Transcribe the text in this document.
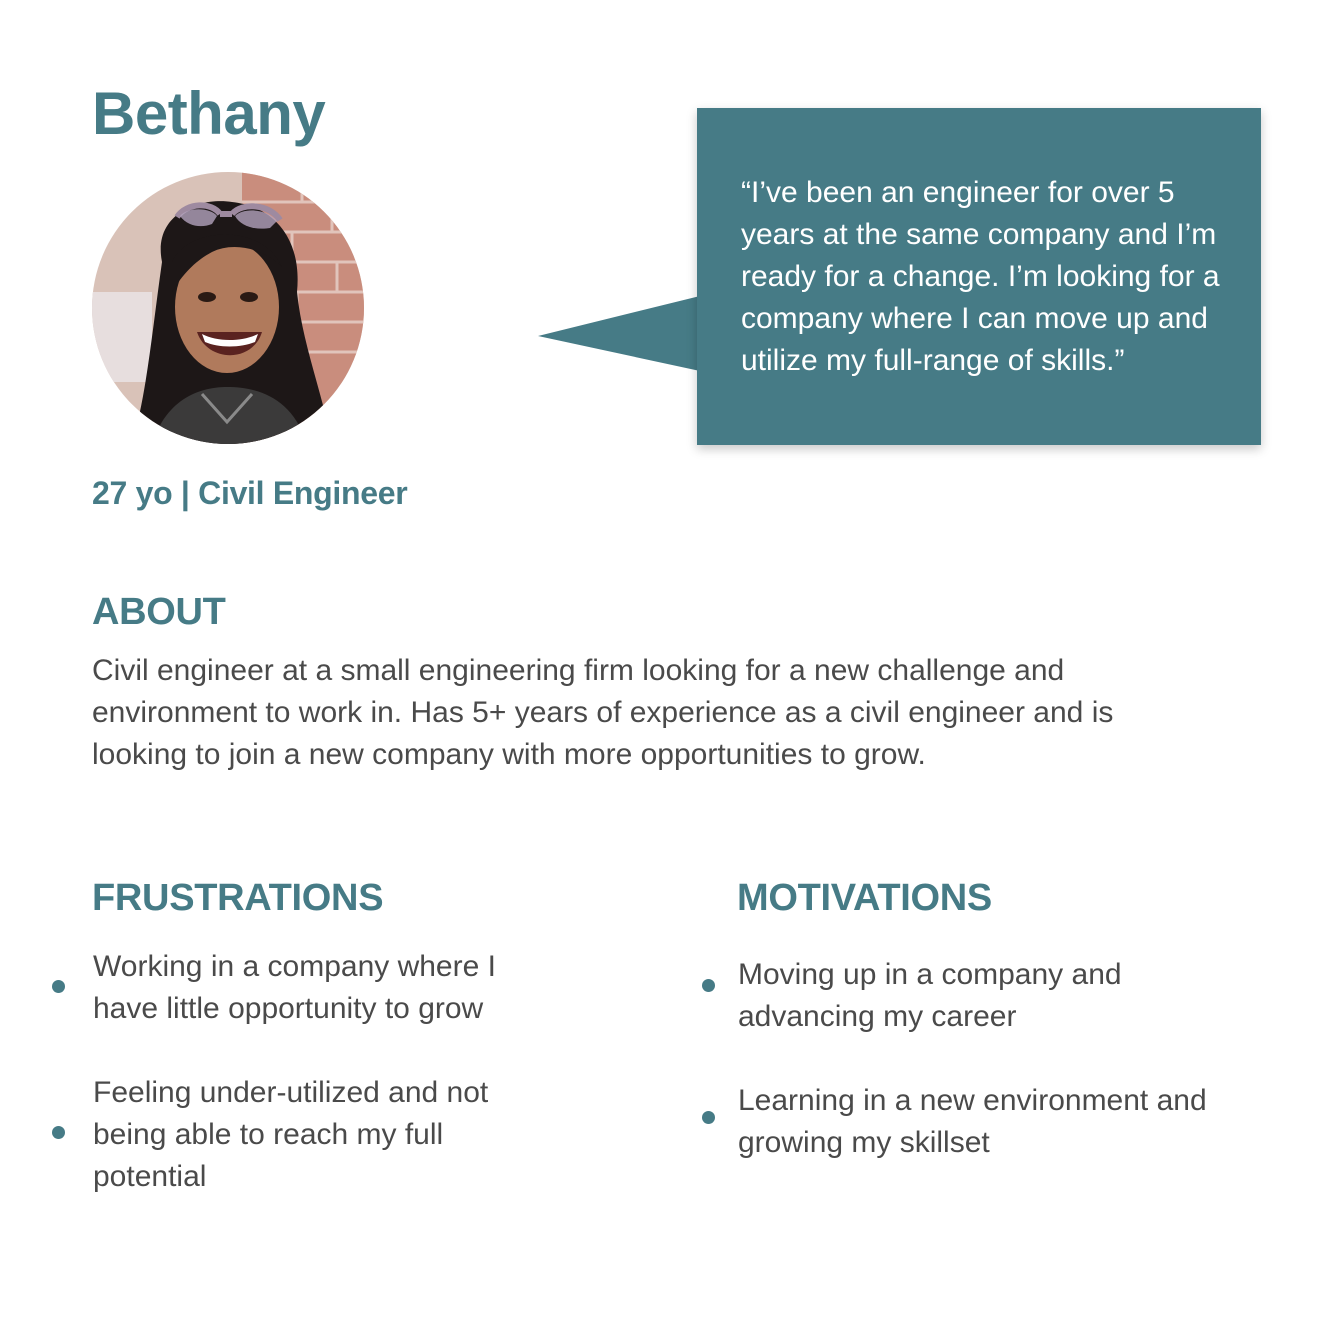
Bethany

27 yo | Civil Engineer

“I’ve been an engineer for over 5 years at the same company and I’m ready for a change. I’m looking for a company where I can move up and utilize my full-range of skills.”

ABOUT

Civil engineer at a small engineering firm looking for a new challenge and environment to work in. Has 5+ years of experience as a civil engineer and is looking to join a new company with more opportunities to grow.

FRUSTRATIONS

Working in a company where I have little opportunity to grow

Feeling under-utilized and not being able to reach my full potential

MOTIVATIONS

Moving up in a company and advancing my career

Learning in a new environment and growing my skillset
